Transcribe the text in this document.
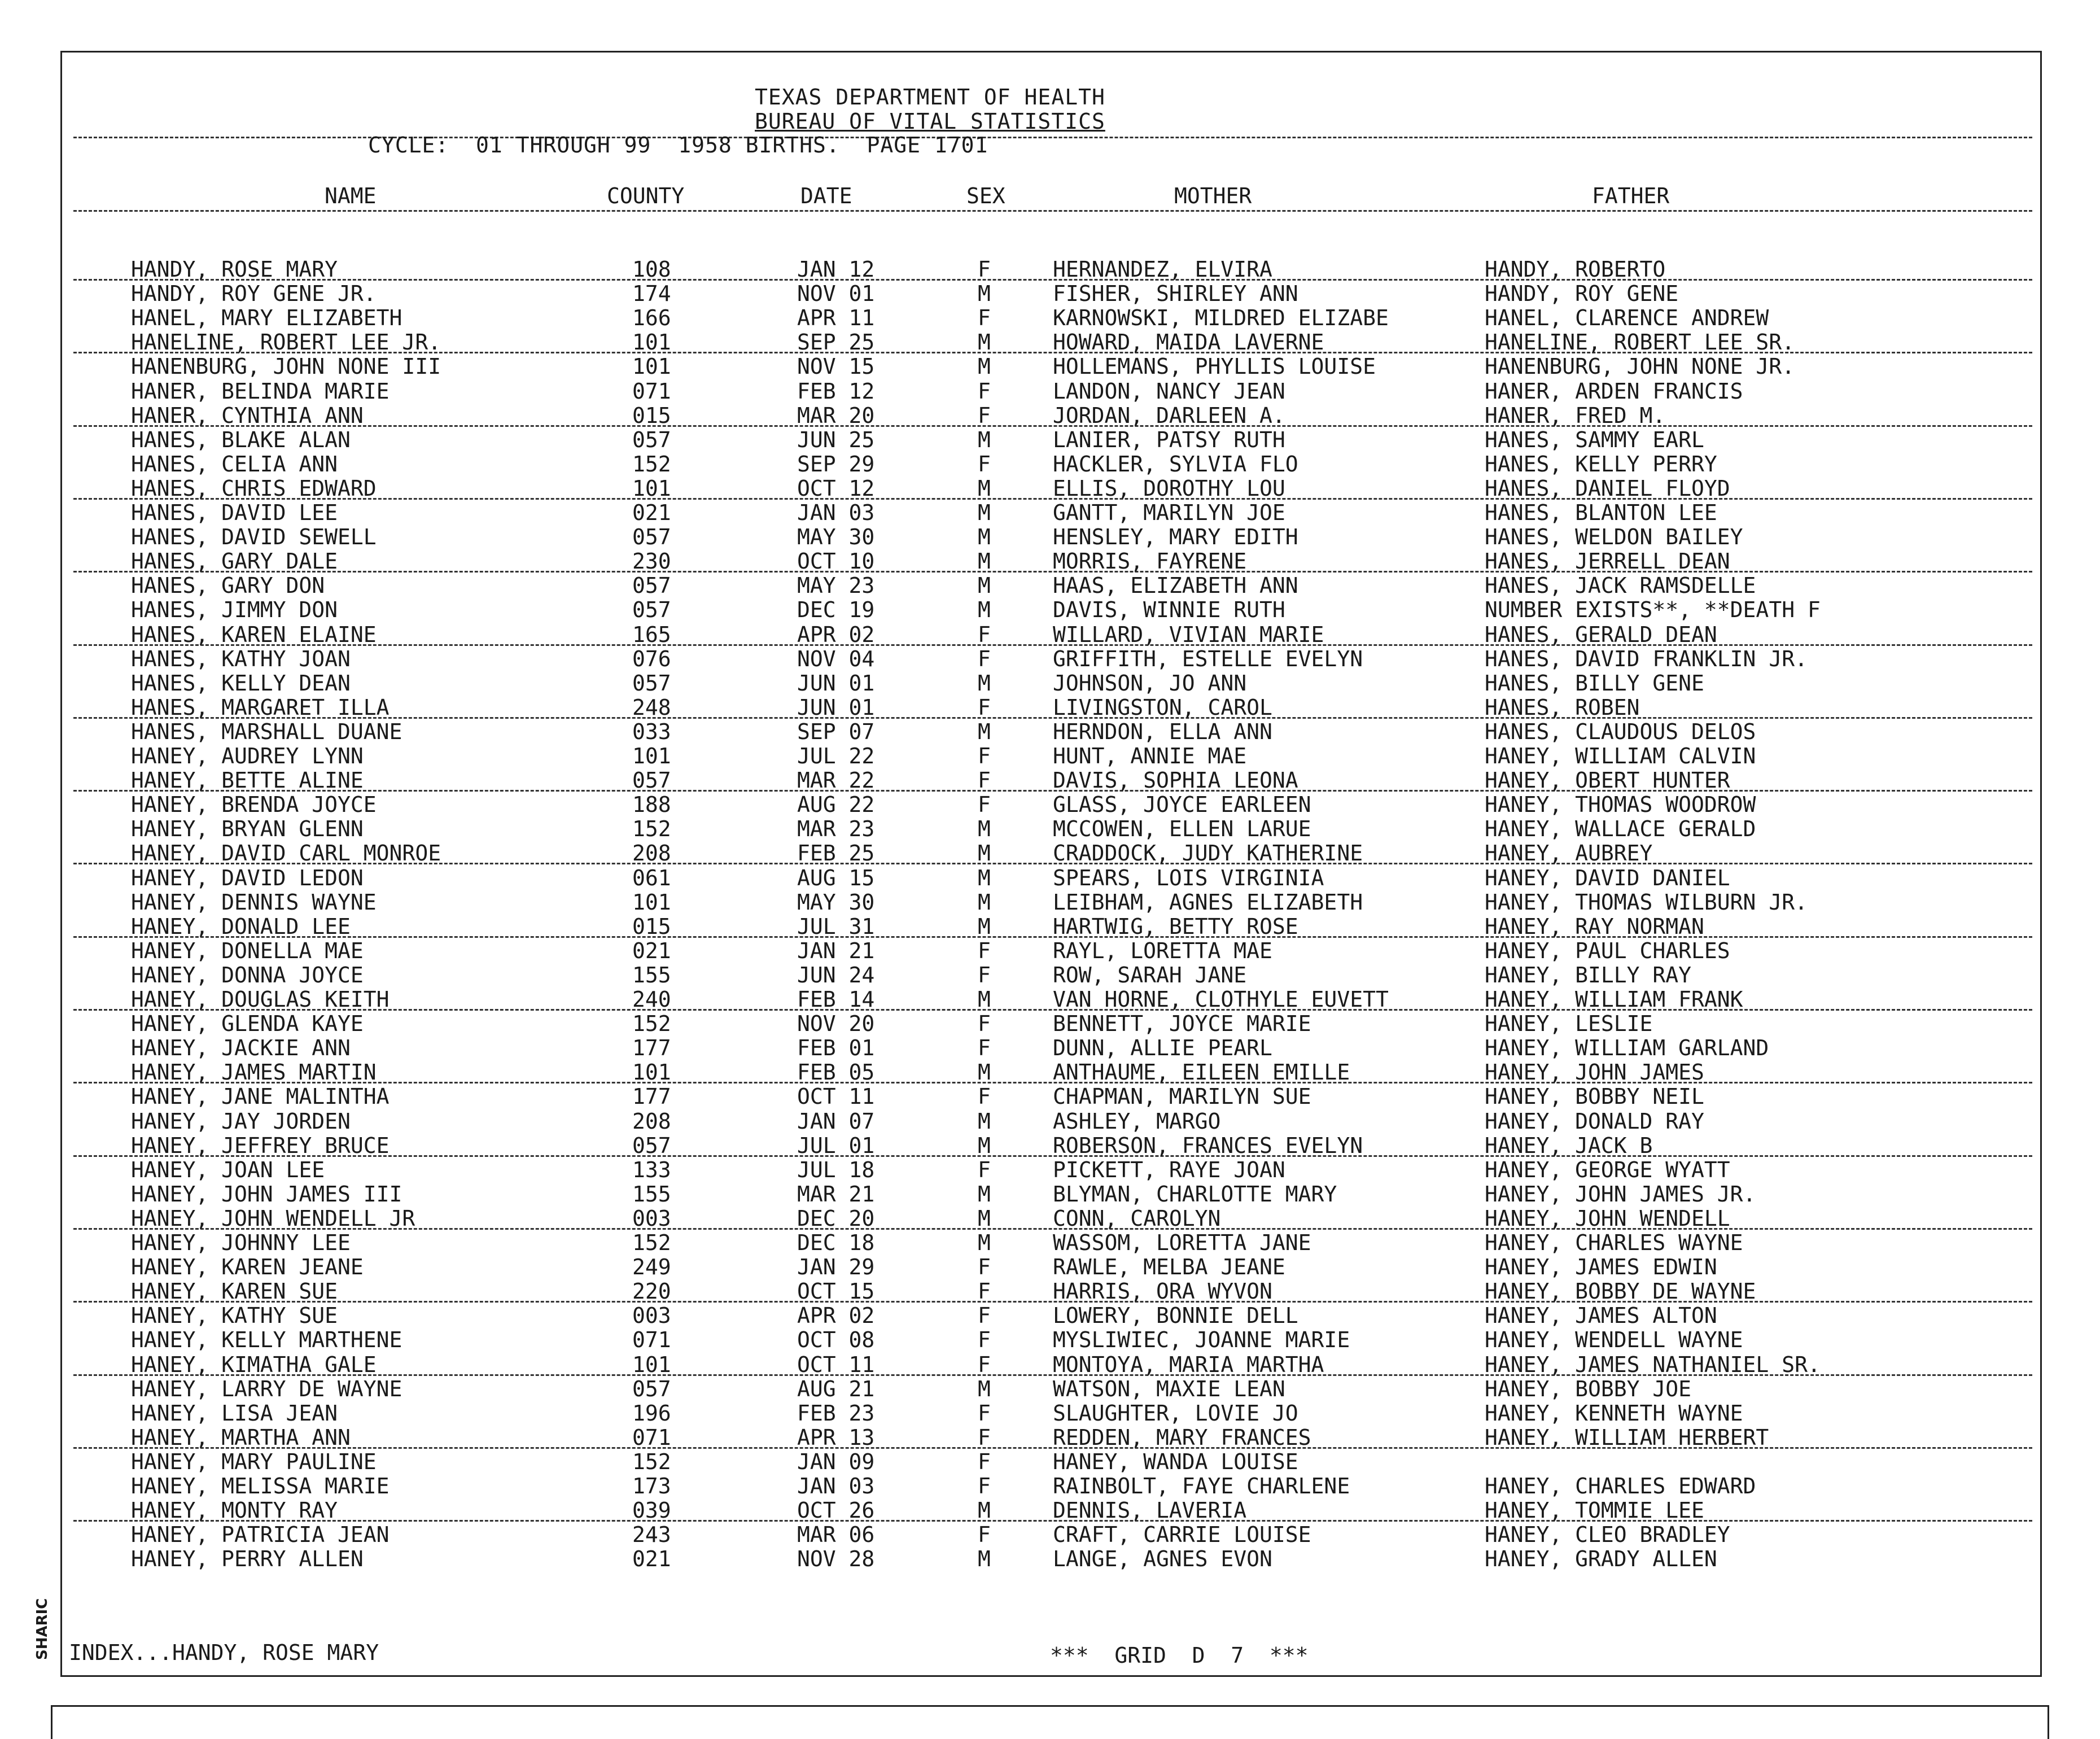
SHARIC
TEXAS DEPARTMENT OF HEALTH
BUREAU OF VITAL STATISTICS
CYCLE:  01 THROUGH 99  1958 BIRTHS.  PAGE 1701
NAME	COUNTY	DATE	SEX	MOTHER	FATHER
HANDY, ROSE MARY	108	JAN 12	F	HERNANDEZ, ELVIRA	HANDY, ROBERTO
HANDY, ROY GENE JR.	174	NOV 01	M	FISHER, SHIRLEY ANN	HANDY, ROY GENE
HANEL, MARY ELIZABETH	166	APR 11	F	KARNOWSKI, MILDRED ELIZABE	HANEL, CLARENCE ANDREW
HANELINE, ROBERT LEE JR.	101	SEP 25	M	HOWARD, MAIDA LAVERNE	HANELINE, ROBERT LEE SR.
HANENBURG, JOHN NONE III	101	NOV 15	M	HOLLEMANS, PHYLLIS LOUISE	HANENBURG, JOHN NONE JR.
HANER, BELINDA MARIE	071	FEB 12	F	LANDON, NANCY JEAN	HANER, ARDEN FRANCIS
HANER, CYNTHIA ANN	015	MAR 20	F	JORDAN, DARLEEN A.	HANER, FRED M.
HANES, BLAKE ALAN	057	JUN 25	M	LANIER, PATSY RUTH	HANES, SAMMY EARL
HANES, CELIA ANN	152	SEP 29	F	HACKLER, SYLVIA FLO	HANES, KELLY PERRY
HANES, CHRIS EDWARD	101	OCT 12	M	ELLIS, DOROTHY LOU	HANES, DANIEL FLOYD
HANES, DAVID LEE	021	JAN 03	M	GANTT, MARILYN JOE	HANES, BLANTON LEE
HANES, DAVID SEWELL	057	MAY 30	M	HENSLEY, MARY EDITH	HANES, WELDON BAILEY
HANES, GARY DALE	230	OCT 10	M	MORRIS, FAYRENE	HANES, JERRELL DEAN
HANES, GARY DON	057	MAY 23	M	HAAS, ELIZABETH ANN	HANES, JACK RAMSDELLE
HANES, JIMMY DON	057	DEC 19	M	DAVIS, WINNIE RUTH	NUMBER EXISTS**, **DEATH F
HANES, KAREN ELAINE	165	APR 02	F	WILLARD, VIVIAN MARIE	HANES, GERALD DEAN
HANES, KATHY JOAN	076	NOV 04	F	GRIFFITH, ESTELLE EVELYN	HANES, DAVID FRANKLIN JR.
HANES, KELLY DEAN	057	JUN 01	M	JOHNSON, JO ANN	HANES, BILLY GENE
HANES, MARGARET ILLA	248	JUN 01	F	LIVINGSTON, CAROL	HANES, ROBEN
HANES, MARSHALL DUANE	033	SEP 07	M	HERNDON, ELLA ANN	HANES, CLAUDOUS DELOS
HANEY, AUDREY LYNN	101	JUL 22	F	HUNT, ANNIE MAE	HANEY, WILLIAM CALVIN
HANEY, BETTE ALINE	057	MAR 22	F	DAVIS, SOPHIA LEONA	HANEY, OBERT HUNTER
HANEY, BRENDA JOYCE	188	AUG 22	F	GLASS, JOYCE EARLEEN	HANEY, THOMAS WOODROW
HANEY, BRYAN GLENN	152	MAR 23	M	MCCOWEN, ELLEN LARUE	HANEY, WALLACE GERALD
HANEY, DAVID CARL MONROE	208	FEB 25	M	CRADDOCK, JUDY KATHERINE	HANEY, AUBREY
HANEY, DAVID LEDON	061	AUG 15	M	SPEARS, LOIS VIRGINIA	HANEY, DAVID DANIEL
HANEY, DENNIS WAYNE	101	MAY 30	M	LEIBHAM, AGNES ELIZABETH	HANEY, THOMAS WILBURN JR.
HANEY, DONALD LEE	015	JUL 31	M	HARTWIG, BETTY ROSE	HANEY, RAY NORMAN
HANEY, DONELLA MAE	021	JAN 21	F	RAYL, LORETTA MAE	HANEY, PAUL CHARLES
HANEY, DONNA JOYCE	155	JUN 24	F	ROW, SARAH JANE	HANEY, BILLY RAY
HANEY, DOUGLAS KEITH	240	FEB 14	M	VAN HORNE, CLOTHYLE EUVETT	HANEY, WILLIAM FRANK
HANEY, GLENDA KAYE	152	NOV 20	F	BENNETT, JOYCE MARIE	HANEY, LESLIE
HANEY, JACKIE ANN	177	FEB 01	F	DUNN, ALLIE PEARL	HANEY, WILLIAM GARLAND
HANEY, JAMES MARTIN	101	FEB 05	M	ANTHAUME, EILEEN EMILLE	HANEY, JOHN JAMES
HANEY, JANE MALINTHA	177	OCT 11	F	CHAPMAN, MARILYN SUE	HANEY, BOBBY NEIL
HANEY, JAY JORDEN	208	JAN 07	M	ASHLEY, MARGO	HANEY, DONALD RAY
HANEY, JEFFREY BRUCE	057	JUL 01	M	ROBERSON, FRANCES EVELYN	HANEY, JACK B
HANEY, JOAN LEE	133	JUL 18	F	PICKETT, RAYE JOAN	HANEY, GEORGE WYATT
HANEY, JOHN JAMES III	155	MAR 21	M	BLYMAN, CHARLOTTE MARY	HANEY, JOHN JAMES JR.
HANEY, JOHN WENDELL JR	003	DEC 20	M	CONN, CAROLYN	HANEY, JOHN WENDELL
HANEY, JOHNNY LEE	152	DEC 18	M	WASSOM, LORETTA JANE	HANEY, CHARLES WAYNE
HANEY, KAREN JEANE	249	JAN 29	F	RAWLE, MELBA JEANE	HANEY, JAMES EDWIN
HANEY, KAREN SUE	220	OCT 15	F	HARRIS, ORA WYVON	HANEY, BOBBY DE WAYNE
HANEY, KATHY SUE	003	APR 02	F	LOWERY, BONNIE DELL	HANEY, JAMES ALTON
HANEY, KELLY MARTHENE	071	OCT 08	F	MYSLIWIEC, JOANNE MARIE	HANEY, WENDELL WAYNE
HANEY, KIMATHA GALE	101	OCT 11	F	MONTOYA, MARIA MARTHA	HANEY, JAMES NATHANIEL SR.
HANEY, LARRY DE WAYNE	057	AUG 21	M	WATSON, MAXIE LEAN	HANEY, BOBBY JOE
HANEY, LISA JEAN	196	FEB 23	F	SLAUGHTER, LOVIE JO	HANEY, KENNETH WAYNE
HANEY, MARTHA ANN	071	APR 13	F	REDDEN, MARY FRANCES	HANEY, WILLIAM HERBERT
HANEY, MARY PAULINE	152	JAN 09	F	HANEY, WANDA LOUISE
HANEY, MELISSA MARIE	173	JAN 03	F	RAINBOLT, FAYE CHARLENE	HANEY, CHARLES EDWARD
HANEY, MONTY RAY	039	OCT 26	M	DENNIS, LAVERIA	HANEY, TOMMIE LEE
HANEY, PATRICIA JEAN	243	MAR 06	F	CRAFT, CARRIE LOUISE	HANEY, CLEO BRADLEY
HANEY, PERRY ALLEN	021	NOV 28	M	LANGE, AGNES EVON	HANEY, GRADY ALLEN
INDEX...HANDY, ROSE MARY	***  GRID  D  7  ***
